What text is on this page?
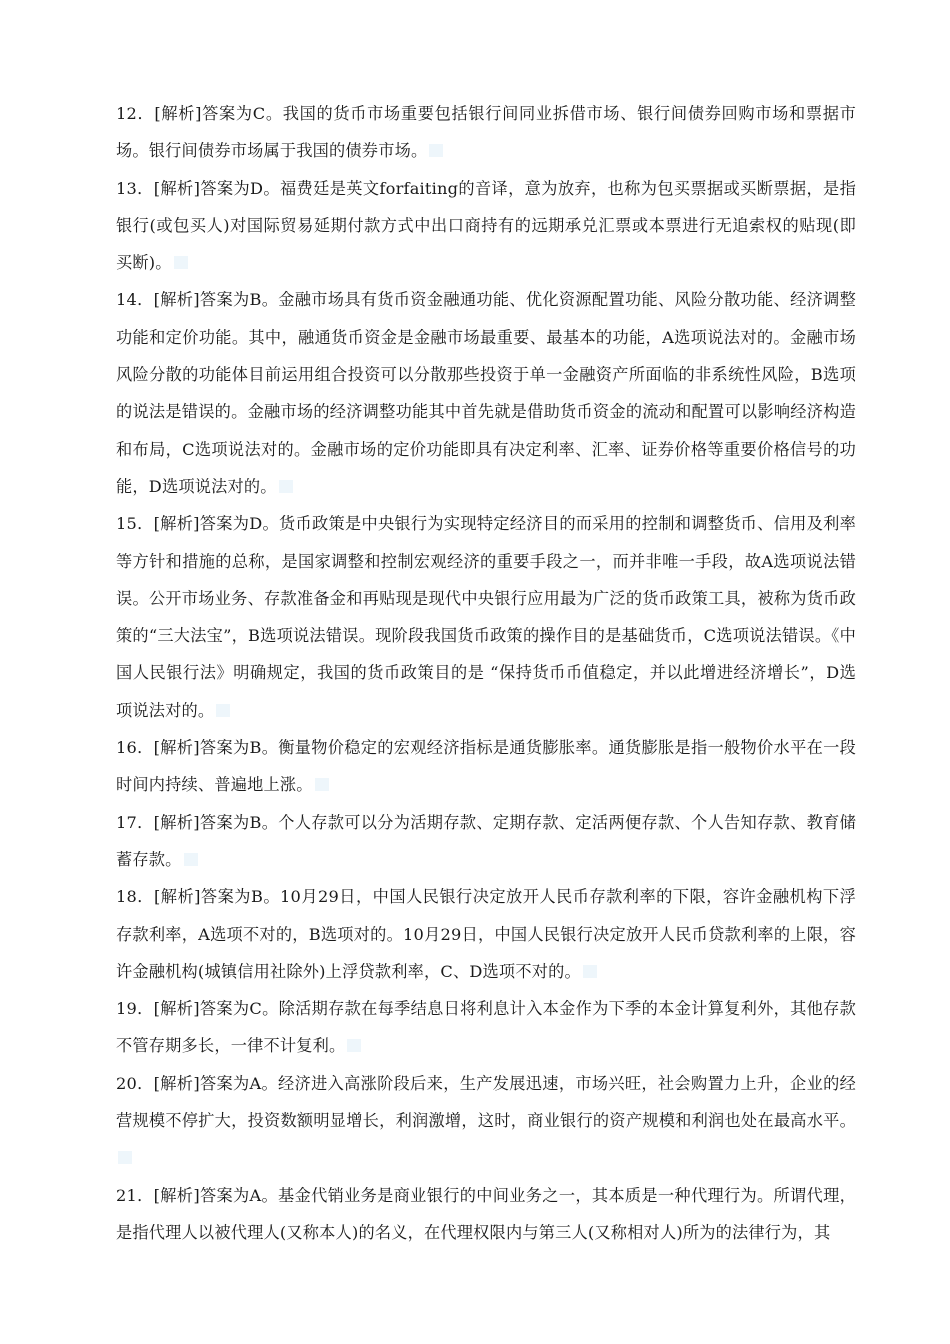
12．[解析]答案为C。我国的货币市场重要包括银行间同业拆借市场、银行间债券回购市场和票据市场。银行间债券市场属于我国的债券市场。

13．[解析]答案为D。福费廷是英文forfaiting的音译，意为放弃，也称为包买票据或买断票据，是指银行(或包买人)对国际贸易延期付款方式中出口商持有的远期承兑汇票或本票进行无追索权的贴现(即买断)。

14．[解析]答案为B。金融市场具有货币资金融通功能、优化资源配置功能、风险分散功能、经济调整功能和定价功能。其中，融通货币资金是金融市场最重要、最基本的功能，A选项说法对的。金融市场风险分散的功能体目前运用组合投资可以分散那些投资于单一金融资产所面临的非系统性风险，B选项的说法是错误的。金融市场的经济调整功能其中首先就是借助货币资金的流动和配置可以影响经济构造和布局，C选项说法对的。金融市场的定价功能即具有决定利率、汇率、证券价格等重要价格信号的功能，D选项说法对的。

15．[解析]答案为D。货币政策是中央银行为实现特定经济目的而采用的控制和调整货币、信用及利率等方针和措施的总称，是国家调整和控制宏观经济的重要手段之一，而并非唯一手段，故A选项说法错误。公开市场业务、存款准备金和再贴现是现代中央银行应用最为广泛的货币政策工具，被称为货币政策的“三大法宝”，B选项说法错误。现阶段我国货币政策的操作目的是基础货币，C选项说法错误。《中国人民银行法》明确规定，我国的货币政策目的是 “保持货币币值稳定，并以此增进经济增长”，D选项说法对的。

16．[解析]答案为B。衡量物价稳定的宏观经济指标是通货膨胀率。通货膨胀是指一般物价水平在一段时间内持续、普遍地上涨。

17．[解析]答案为B。个人存款可以分为活期存款、定期存款、定活两便存款、个人告知存款、教育储蓄存款。

18．[解析]答案为B。10月29日，中国人民银行决定放开人民币存款利率的下限，容许金融机构下浮存款利率，A选项不对的，B选项对的。10月29日，中国人民银行决定放开人民币贷款利率的上限，容许金融机构(城镇信用社除外)上浮贷款利率，C、D选项不对的。

19．[解析]答案为C。除活期存款在每季结息日将利息计入本金作为下季的本金计算复利外，其他存款不管存期多长，一律不计复利。

20．[解析]答案为A。经济进入高涨阶段后来，生产发展迅速，市场兴旺，社会购置力上升，企业的经营规模不停扩大，投资数额明显增长，利润激增，这时，商业银行的资产规模和利润也处在最高水平。

21．[解析]答案为A。基金代销业务是商业银行的中间业务之一，其本质是一种代理行为。所谓代理，是指代理人以被代理人(又称本人)的名义，在代理权限内与第三人(又称相对人)所为的法律行为，其
